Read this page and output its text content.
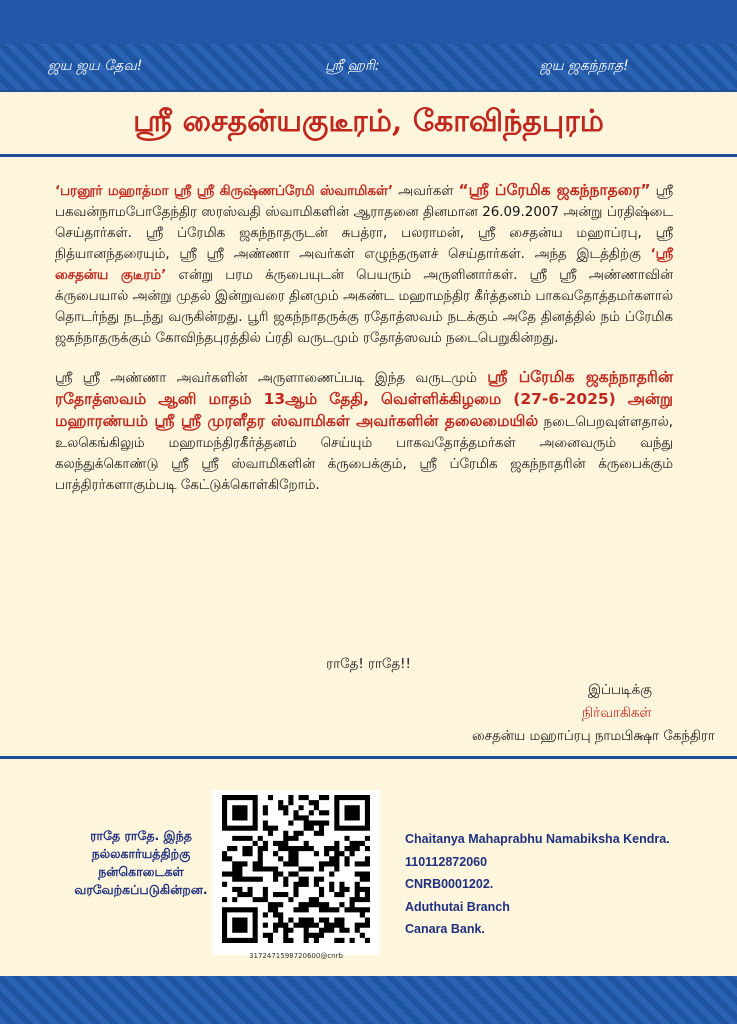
ஜய ஜய தேவ!	ஸ்ரீ ஹரி:	ஜய ஜகந்நாத!
ஸ்ரீ சைதன்யகுடீரம், கோவிந்தபுரம்

‘பரனூர் மஹாத்மா ஸ்ரீ ஸ்ரீ கிருஷ்ணப்ரேமி ஸ்வாமிகள்’ அவர்கள் “ஸ்ரீ ப்ரேமிக ஜகந்நாதரை” ஸ்ரீ பகவன்நாமபோதேந்திர ஸரஸ்வதி ஸ்வாமிகளின் ஆராதனை தினமான 26.09.2007 அன்று ப்ரதிஷ்டை செய்தார்கள். ஸ்ரீ ப்ரேமிக ஜகந்நாதருடன் சுபத்ரா, பலராமன், ஸ்ரீ சைதன்ய மஹாப்ரபு, ஸ்ரீ நித்யானந்தரையும், ஸ்ரீ ஸ்ரீ அண்ணா அவர்கள் எழுந்தருளச் செய்தார்கள். அந்த இடத்திற்கு ‘ஸ்ரீ சைதன்ய குடீரம்’ என்று பரம க்ருபையுடன் பெயரும் அருளினார்கள். ஸ்ரீ ஸ்ரீ அண்ணாவின் க்ருபையால் அன்று முதல் இன்றுவரை தினமும் அகண்ட மஹாமந்திர கீர்த்தனம் பாகவதோத்தமர்களால் தொடர்ந்து நடந்து வருகின்றது. பூரி ஜகந்நாதருக்கு ரதோத்ஸவம் நடக்கும் அதே தினத்தில் நம் ப்ரேமிக ஜகந்நாதருக்கும் கோவிந்தபுரத்தில் ப்ரதி வருடமும் ரதோத்ஸவம் நடைபெறுகின்றது.

ஸ்ரீ ஸ்ரீ அண்ணா அவர்களின் அருளாணைப்படி இந்த வருடமும் ஸ்ரீ ப்ரேமிக ஜகந்நாதரின் ரதோத்ஸவம் ஆனி மாதம் 13ஆம் தேதி, வெள்ளிக்கிழமை (27-6-2025) அன்று மஹாரண்யம் ஸ்ரீ ஸ்ரீ முரளீதர ஸ்வாமிகள் அவர்களின் தலைமையில் நடைபெறவுள்ளதால், உலகெங்கிலும் மஹாமந்திரகீர்த்தனம் செய்யும் பாகவதோத்தமர்கள் அனைவரும் வந்து கலந்துக்கொண்டு ஸ்ரீ ஸ்ரீ ஸ்வாமிகளின் க்ருபைக்கும், ஸ்ரீ ப்ரேமிக ஜகந்நாதரின் க்ருபைக்கும் பாத்திரர்களாகும்படி கேட்டுக்கொள்கிறோம்.

ராதே! ராதே!!
இப்படிக்கு
நிர்வாகிகள்
சைதன்ய மஹாப்ரபு நாமபிக்ஷா கேந்திரா
ராதே ராதே. இந்த
நல்லகார்யத்திற்கு
நன்கொடைகள்
வரவேற்கப்படுகின்றன.
3172471598720600@cnrb
Chaitanya Mahaprabhu Namabiksha Kendra.
110112872060
CNRB0001202.
Aduthutai Branch
Canara Bank.
